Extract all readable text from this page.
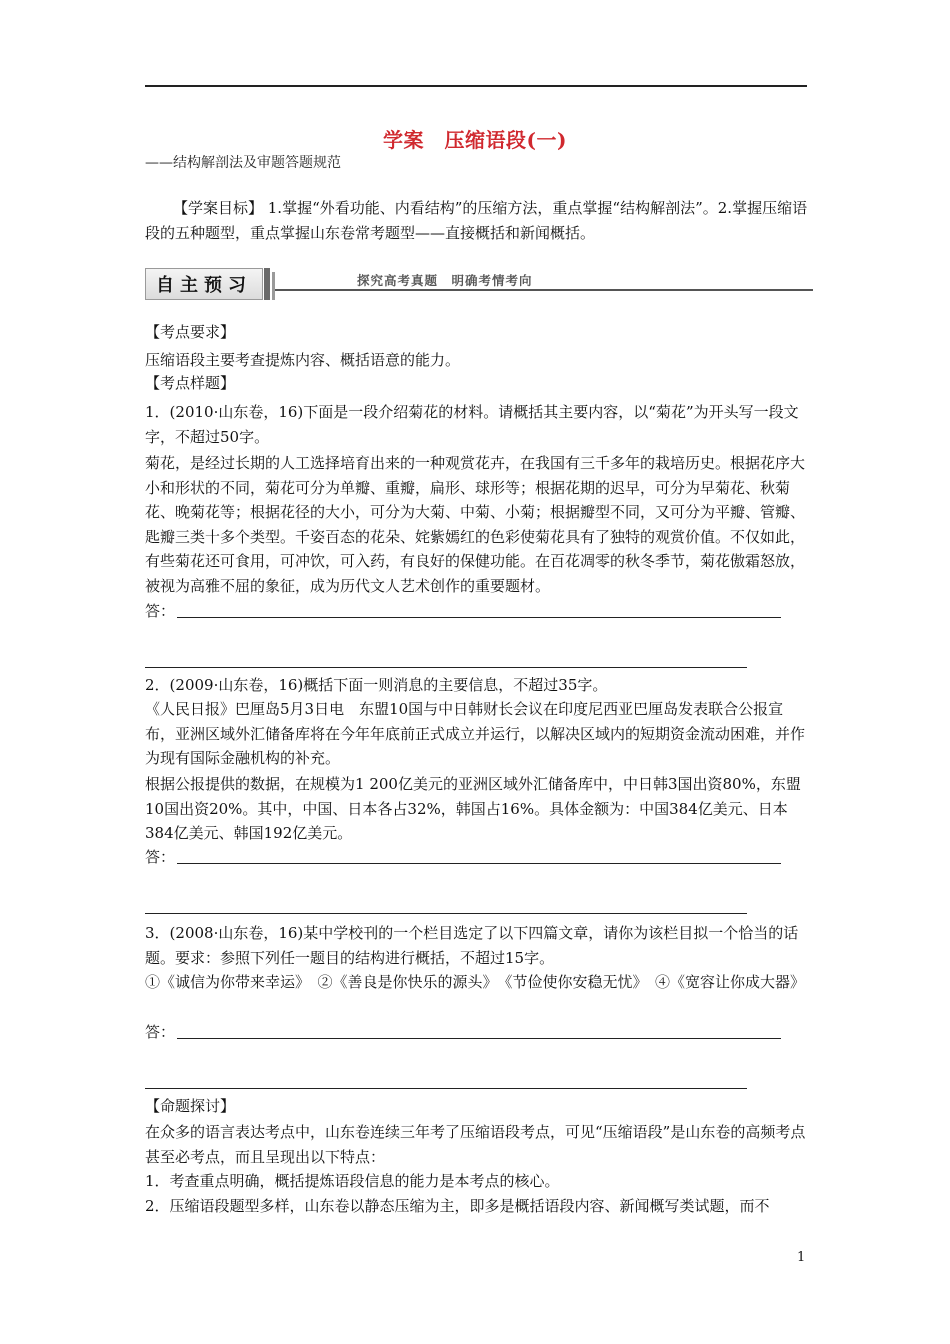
学案　压缩语段(一)
——结构解剖法及审题答题规范
【学案目标】 1.掌握“外看功能、内看结构”的压缩方法，重点掌握“结构解剖法”。2.掌握压缩语段的五种题型，重点掌握山东卷常考题型——直接概括和新闻概括。
自主预习	探究高考真题　明确考情考向
【考点要求】
压缩语段主要考查提炼内容、概括语意的能力。
【考点样题】
1．(2010·山东卷，16)下面是一段介绍菊花的材料。请概括其主要内容，以“菊花”为开头写一段文字，不超过50字。
菊花，是经过长期的人工选择培育出来的一种观赏花卉，在我国有三千多年的栽培历史。根据花序大小和形状的不同，菊花可分为单瓣、重瓣，扁形、球形等；根据花期的迟早，可分为早菊花、秋菊花、晚菊花等；根据花径的大小，可分为大菊、中菊、小菊；根据瓣型不同，又可分为平瓣、管瓣、匙瓣三类十多个类型。千姿百态的花朵、姹紫嫣红的色彩使菊花具有了独特的观赏价值。不仅如此，有些菊花还可食用，可冲饮，可入药，有良好的保健功能。在百花凋零的秋冬季节，菊花傲霜怒放，被视为高雅不屈的象征，成为历代文人艺术创作的重要题材。
答：
2．(2009·山东卷，16)概括下面一则消息的主要信息，不超过35字。
《人民日报》巴厘岛5月3日电　东盟10国与中日韩财长会议在印度尼西亚巴厘岛发表联合公报宣布，亚洲区域外汇储备库将在今年年底前正式成立并运行，以解决区域内的短期资金流动困难，并作为现有国际金融机构的补充。
根据公报提供的数据，在规模为1 200亿美元的亚洲区域外汇储备库中，中日韩3国出资80%，东盟10国出资20%。其中，中国、日本各占32%，韩国占16%。具体金额为：中国384亿美元、日本384亿美元、韩国192亿美元。
答：
3．(2008·山东卷，16)某中学校刊的一个栏目选定了以下四篇文章，请你为该栏目拟一个恰当的话题。要求：参照下列任一题目的结构进行概括，不超过15字。
①《诚信为你带来幸运》　②《善良是你快乐的源头》　《节俭使你安稳无忧》　④《宽容让你成大器》
答：
【命题探讨】
在众多的语言表达考点中，山东卷连续三年考了压缩语段考点，可见“压缩语段”是山东卷的高频考点甚至必考点，而且呈现出以下特点：
1．考查重点明确，概括提炼语段信息的能力是本考点的核心。
2．压缩语段题型多样，山东卷以静态压缩为主，即多是概括语段内容、新闻概写类试题，而不
1
